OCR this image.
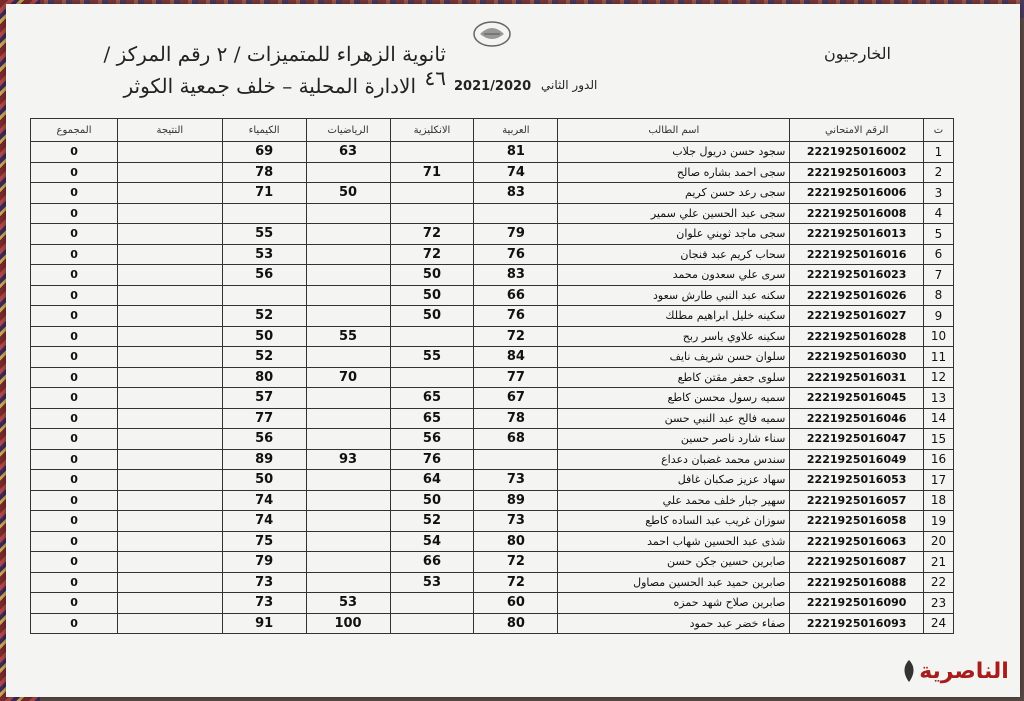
الخارجيون
ثانوية الزهراء للمتميزات / ٢ رقم المركز / ٤٦
الادارة المحلية – خلف جمعية الكوثر	الدور الثاني
2021/2020
ت	الرقم الامتحاني	اسم الطالب	العربية	الانكليزية	الرياضيات	الكيمياء	النتيجة	المجموع
1	2221925016002	سجود حسن دريول جلاب	81		63	69		0
2	2221925016003	سجى احمد بشاره صالح	74	71		78		0
3	2221925016006	سجى رعد حسن كريم	83		50	71		0
4	2221925016008	سجى عبد الحسين علي سمير						0
5	2221925016013	سجى ماجد ثويني علوان	79	72		55		0
6	2221925016016	سحاب كريم عبد فنجان	76	72		53		0
7	2221925016023	سرى علي سعدون محمد	83	50		56		0
8	2221925016026	سكنه عبد النبي طارش سعود	66	50				0
9	2221925016027	سكينه خليل ابراهيم مطلك	76	50		52		0
10	2221925016028	سكينه علاوي ياسر ربح	72		55	50		0
11	2221925016030	سلوان حسن شريف نايف	84	55		52		0
12	2221925016031	سلوى جعفر مقتن كاطع	77		70	80		0
13	2221925016045	سميه رسول محسن كاطع	67	65		57		0
14	2221925016046	سميه فالح عبد النبي حسن	78	65		77		0
15	2221925016047	سناء شارد ناصر حسين	68	56		56		0
16	2221925016049	سندس محمد غضبان دعداع		76	93	89		0
17	2221925016053	سهاد عزيز صكبان غافل	73	64		50		0
18	2221925016057	سهير جبار خلف محمد علي	89	50		74		0
19	2221925016058	سوزان غريب عبد الساده كاطع	73	52		74		0
20	2221925016063	شذى عبد الحسين شهاب احمد	80	54		75		0
21	2221925016087	صابرين حسين جكن حسن	72	66		79		0
22	2221925016088	صابرين حميد عبد الحسين مصاول	72	53		73		0
23	2221925016090	صابرين صلاح شهد حمزه	60		53	73		0
24	2221925016093	صفاء خضر عبد حمود	80		100	91		0
الناصرية
